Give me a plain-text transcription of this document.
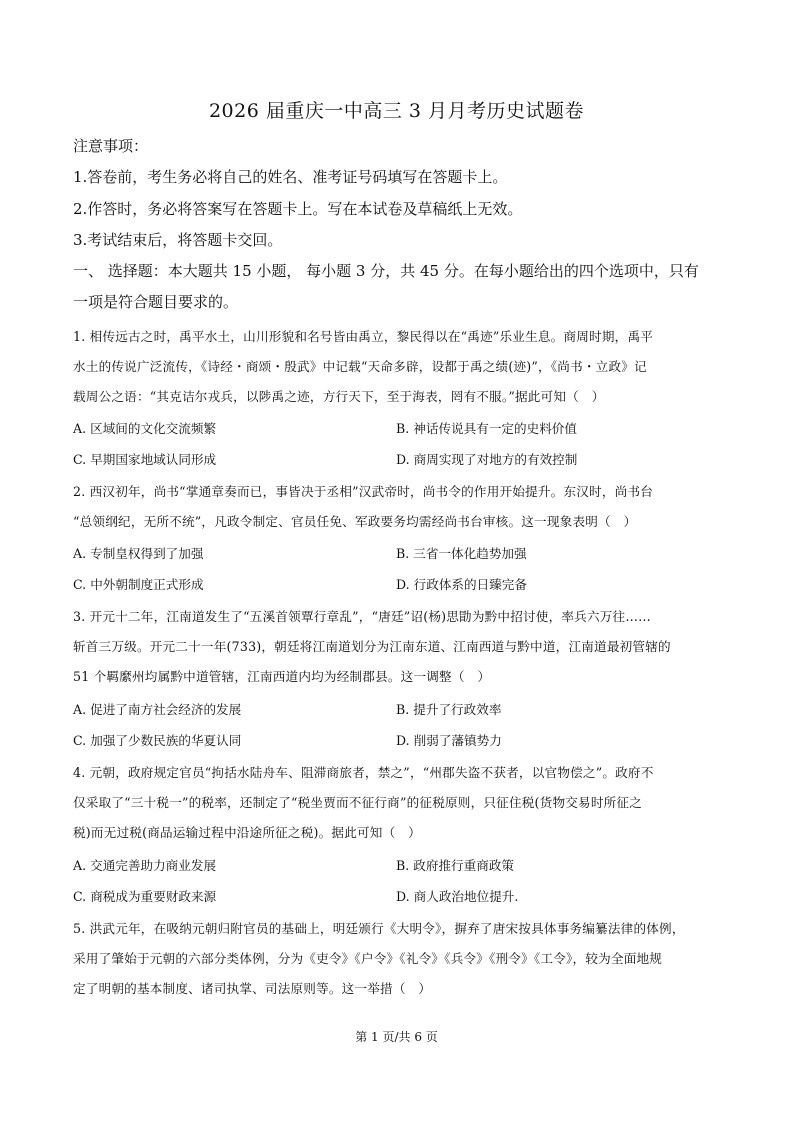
2026 届重庆一中高三 3 月月考历史试题卷
注意事项：
1.答卷前，考生务必将自己的姓名、准考证号码填写在答题卡上。
2.作答时，务必将答案写在答题卡上。写在本试卷及草稿纸上无效。
3.考试结束后，将答题卡交回。
一、 选择题：本大题共 15 小题， 每小题 3 分，共 45 分。在每小题给出的四个选项中，只有
一项是符合题目要求的。
1. 相传远古之时，禹平水土，山川形貌和名号皆由禹立，黎民得以在“禹迹”乐业生息。商周时期，禹平
水土的传说广泛流传，《诗经・商颂・殷武》中记载“天命多辟，设都于禹之绩(迹)”，《尚书・立政》记
载周公之语：“其克诘尔戎兵，以陟禹之迹，方行天下，至于海表，罔有不服。”据此可知（　）
A. 区域间的文化交流频繁	B. 神话传说具有一定的史料价值
C. 早期国家地域认同形成	D. 商周实现了对地方的有效控制
2. 西汉初年，尚书“掌通章奏而已，事皆决于丞相”汉武帝时，尚书令的作用开始提升。东汉时，尚书台
“总领纲纪，无所不统”，凡政令制定、官员任免、军政要务均需经尚书台审核。这一现象表明（　）
A. 专制皇权得到了加强	B. 三省一体化趋势加强
C. 中外朝制度正式形成	D. 行政体系的日臻完备
3. 开元十二年，江南道发生了“五溪首领覃行章乱”，“唐廷”诏(杨)思勖为黔中招讨使，率兵六万往……
斩首三万级。开元二十一年(733)，朝廷将江南道划分为江南东道、江南西道与黔中道，江南道最初管辖的
51 个羁縻州均属黔中道管辖，江南西道内均为经制郡县。这一调整（　）
A. 促进了南方社会经济的发展	B. 提升了行政效率
C. 加强了少数民族的华夏认同	D. 削弱了藩镇势力
4. 元朝，政府规定官员“拘括水陆舟车、阻滞商旅者，禁之”，“州郡失盗不获者，以官物偿之”。政府不
仅采取了“三十税一”的税率，还制定了“税坐贾而不征行商”的征税原则，只征住税(货物交易时所征之
税)而无过税(商品运输过程中沿途所征之税)。据此可知（　）
A. 交通完善助力商业发展	B. 政府推行重商政策
C. 商税成为重要财政来源	D. 商人政治地位提升.
5. 洪武元年，在吸纳元朝归附官员的基础上，明廷颁行《大明令》，摒弃了唐宋按具体事务编纂法律的体例，
采用了肇始于元朝的六部分类体例，分为《吏令》《户令》《礼令》《兵令》《刑令》《工令》，较为全面地规
定了明朝的基本制度、诸司执掌、司法原则等。这一举措（　）
第 1 页/共 6 页
